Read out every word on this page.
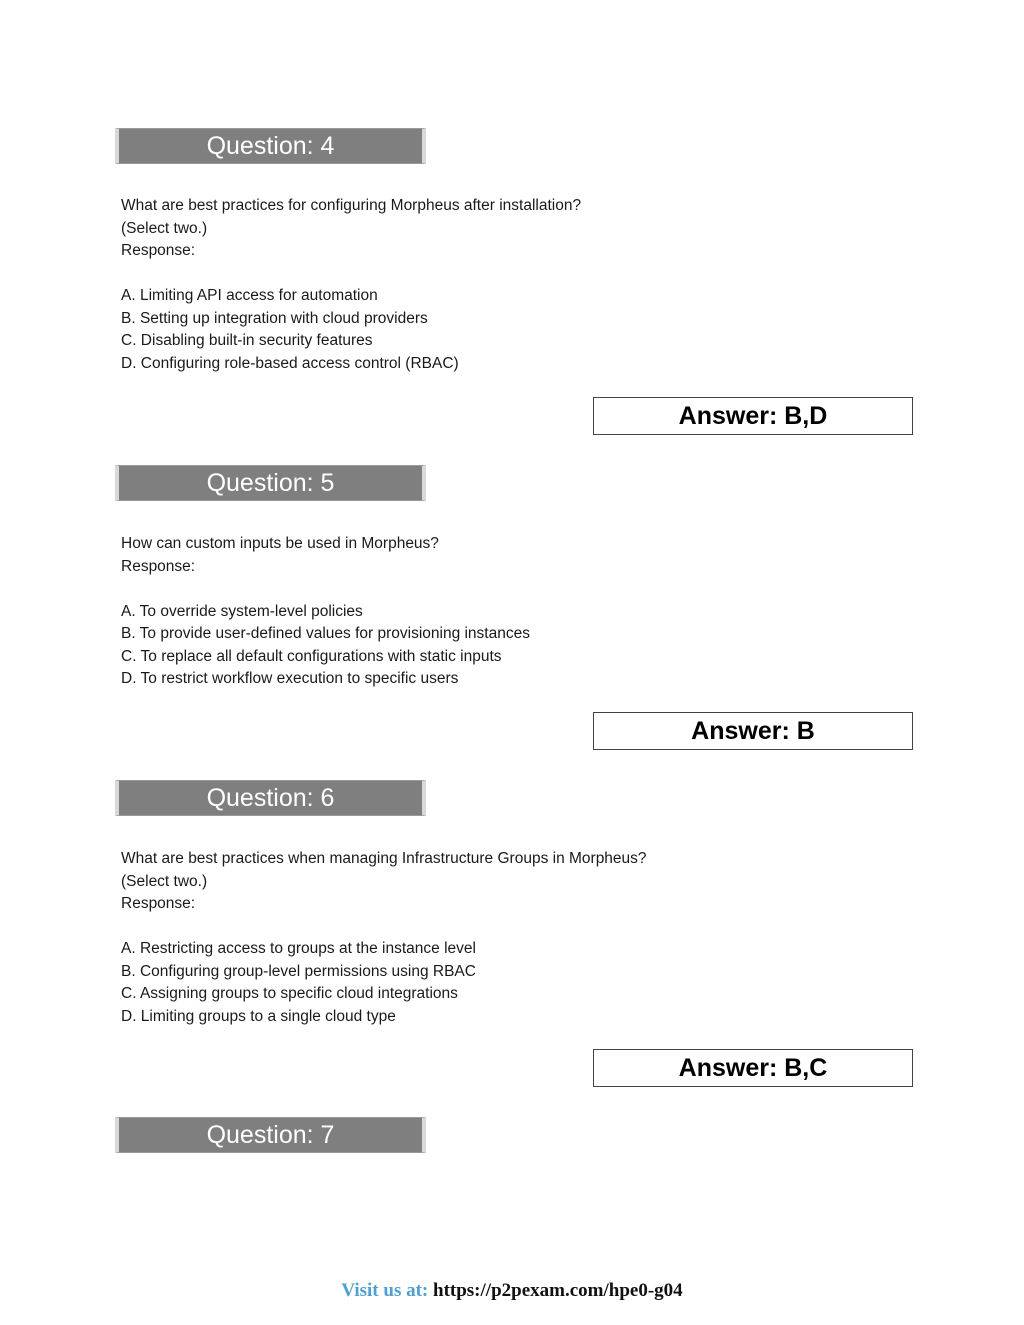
Question: 4
What are best practices for configuring Morpheus after installation?
(Select two.)
Response:
A. Limiting API access for automation
B. Setting up integration with cloud providers
C. Disabling built-in security features
D. Configuring role-based access control (RBAC)
Answer: B,D
Question: 5
How can custom inputs be used in Morpheus?
Response:
A. To override system-level policies
B. To provide user-defined values for provisioning instances
C. To replace all default configurations with static inputs
D. To restrict workflow execution to specific users
Answer: B
Question: 6
What are best practices when managing Infrastructure Groups in Morpheus?
(Select two.)
Response:
A. Restricting access to groups at the instance level
B. Configuring group-level permissions using RBAC
C. Assigning groups to specific cloud integrations
D. Limiting groups to a single cloud type
Answer: B,C
Question: 7
Visit us at: https://p2pexam.com/hpe0-g04
